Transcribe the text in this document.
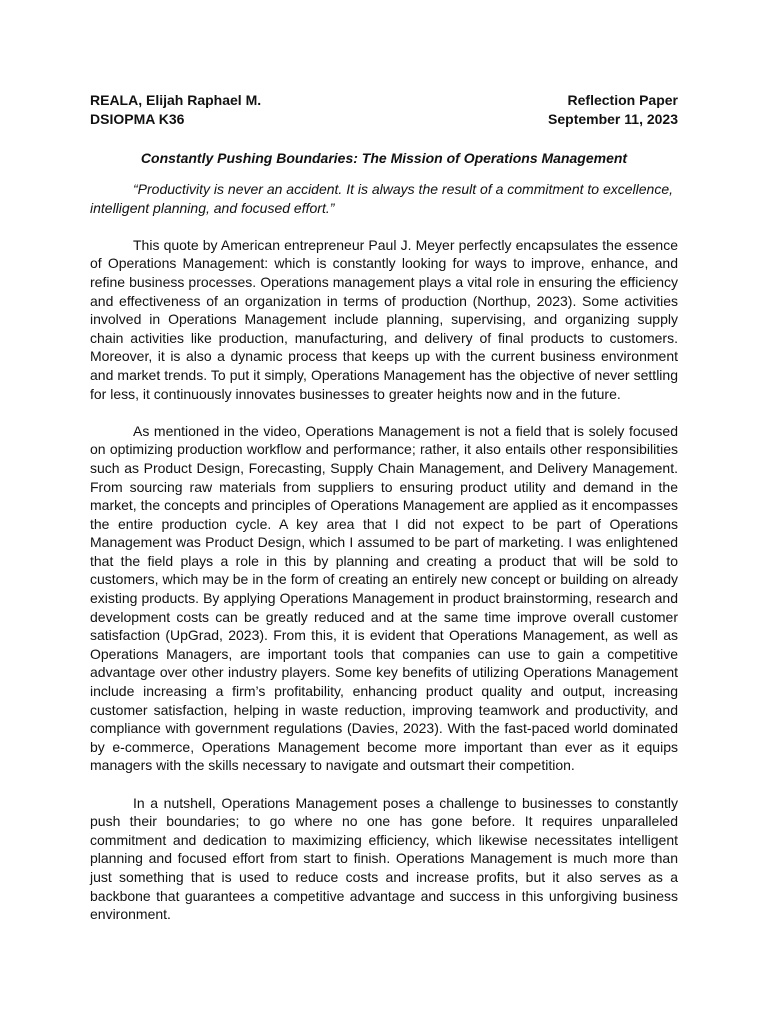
REALA, Elijah Raphael M.
DSIOPMA K36
Reflection Paper
September 11, 2023
Constantly Pushing Boundaries: The Mission of Operations Management
“Productivity is never an accident. It is always the result of a commitment to excellence, intelligent planning, and focused effort.”
This quote by American entrepreneur Paul J. Meyer perfectly encapsulates the essence of Operations Management: which is constantly looking for ways to improve, enhance, and refine business processes. Operations management plays a vital role in ensuring the efficiency and effectiveness of an organization in terms of production (Northup, 2023). Some activities involved in Operations Management include planning, supervising, and organizing supply chain activities like production, manufacturing, and delivery of final products to customers. Moreover, it is also a dynamic process that keeps up with the current business environment and market trends. To put it simply, Operations Management has the objective of never settling for less, it continuously innovates businesses to greater heights now and in the future.
As mentioned in the video, Operations Management is not a field that is solely focused on optimizing production workflow and performance; rather, it also entails other responsibilities such as Product Design, Forecasting, Supply Chain Management, and Delivery Management. From sourcing raw materials from suppliers to ensuring product utility and demand in the market, the concepts and principles of Operations Management are applied as it encompasses the entire production cycle. A key area that I did not expect to be part of Operations Management was Product Design, which I assumed to be part of marketing. I was enlightened that the field plays a role in this by planning and creating a product that will be sold to customers, which may be in the form of creating an entirely new concept or building on already existing products. By applying Operations Management in product brainstorming, research and development costs can be greatly reduced and at the same time improve overall customer satisfaction (UpGrad, 2023). From this, it is evident that Operations Management, as well as Operations Managers, are important tools that companies can use to gain a competitive advantage over other industry players. Some key benefits of utilizing Operations Management include increasing a firm’s profitability, enhancing product quality and output, increasing customer satisfaction, helping in waste reduction, improving teamwork and productivity, and compliance with government regulations (Davies, 2023). With the fast-paced world dominated by e-commerce, Operations Management become more important than ever as it equips managers with the skills necessary to navigate and outsmart their competition.
In a nutshell, Operations Management poses a challenge to businesses to constantly push their boundaries; to go where no one has gone before. It requires unparalleled commitment and dedication to maximizing efficiency, which likewise necessitates intelligent planning and focused effort from start to finish. Operations Management is much more than just something that is used to reduce costs and increase profits, but it also serves as a backbone that guarantees a competitive advantage and success in this unforgiving business environment.
